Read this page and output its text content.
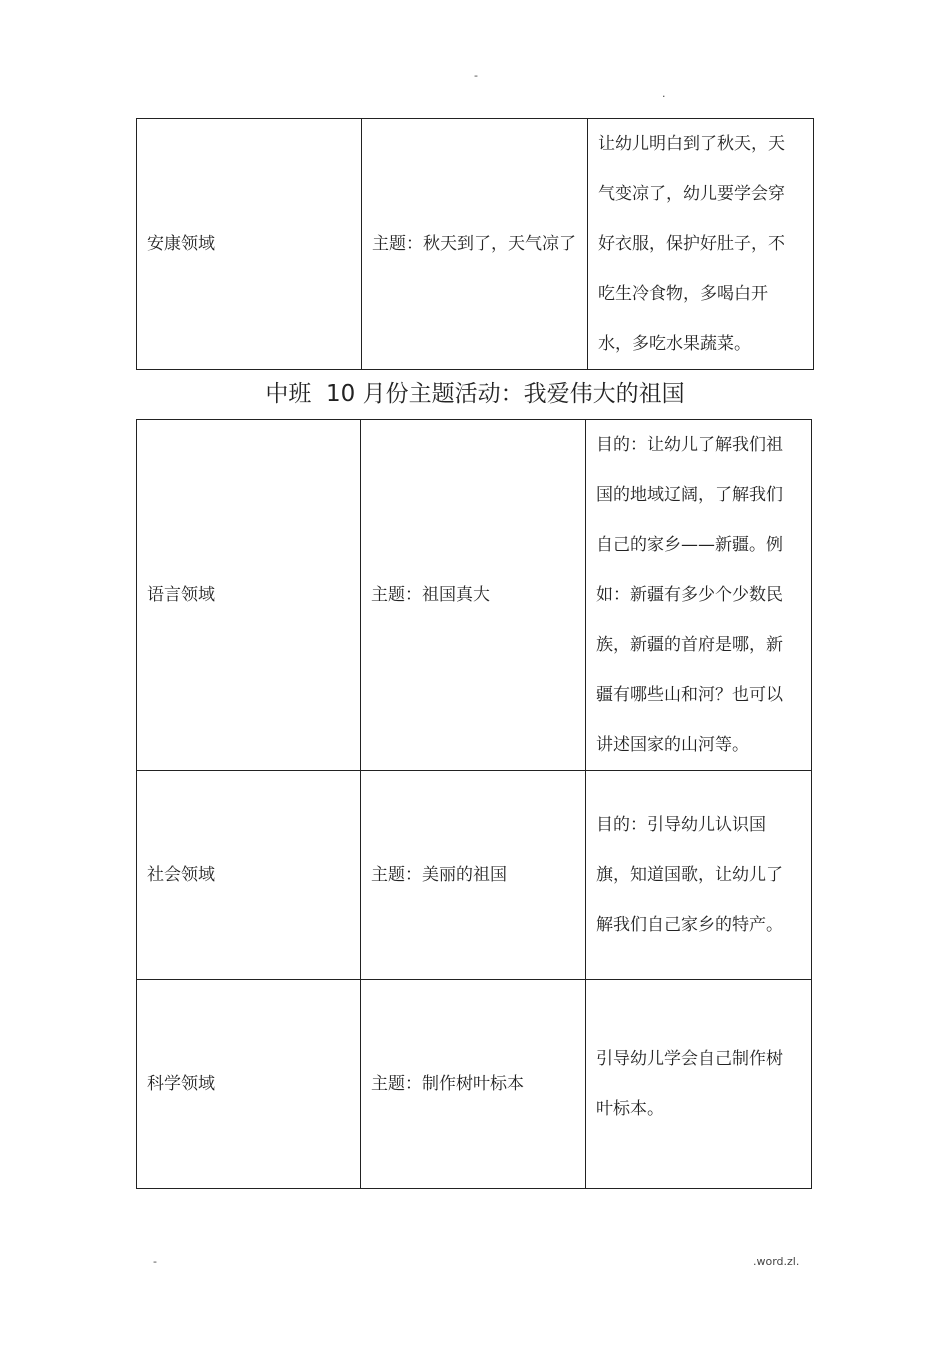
-
.
安康领域	主题：秋天到了，天气凉了	让幼儿明白到了秋天，天气变凉了，幼儿要学会穿好衣服，保护好肚子，不吃生冷食物，多喝白开水，多吃水果蔬菜。
中班  10 月份主题活动：我爱伟大的祖国
语言领域	主题：祖国真大	目的：让幼儿了解我们祖国的地域辽阔，了解我们自己的家乡——新疆。例如：新疆有多少个少数民族，新疆的首府是哪，新疆有哪些山和河？也可以讲述国家的山河等。
社会领域	主题：美丽的祖国	目的：引导幼儿认识国旗，知道国歌，让幼儿了解我们自己家乡的特产。
科学领域	主题：制作树叶标本	引导幼儿学会自己制作树叶标本。
-	.word.zl.
